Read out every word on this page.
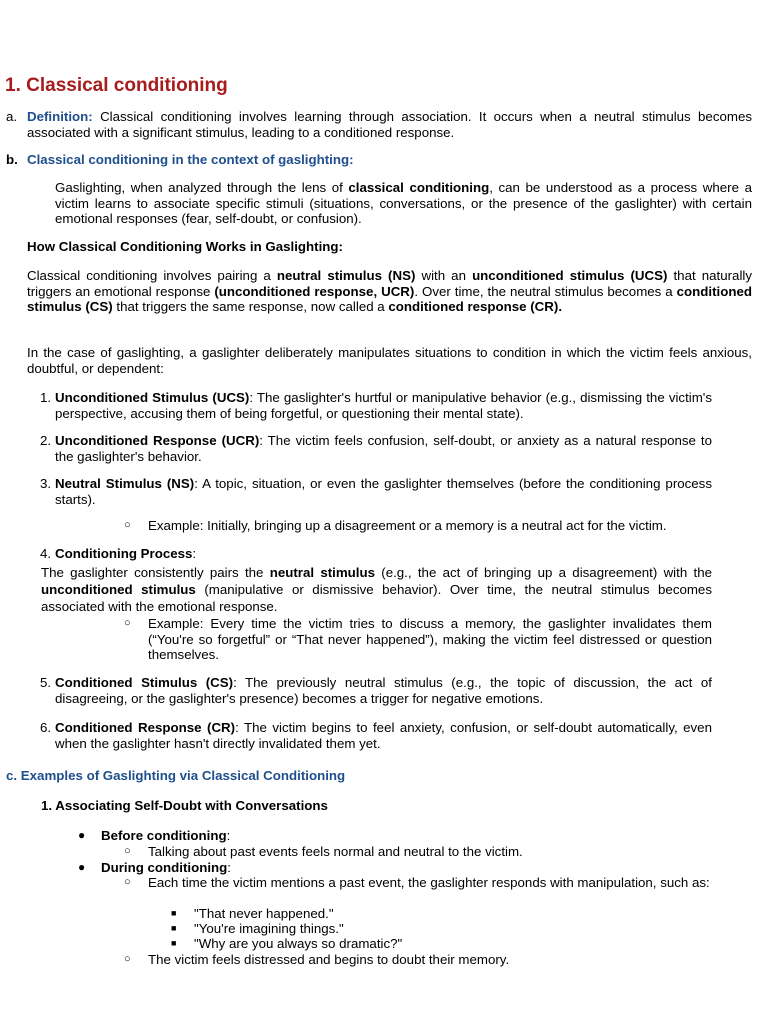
1. Classical conditioning
a. Definition: Classical conditioning involves learning through association. It occurs when a neutral stimulus becomes associated with a significant stimulus, leading to a conditioned response.

b. Classical conditioning in the context of gaslighting:

Gaslighting, when analyzed through the lens of classical conditioning, can be understood as a process where a victim learns to associate specific stimuli (situations, conversations, or the presence of the gaslighter) with certain emotional responses (fear, self-doubt, or confusion).

How Classical Conditioning Works in Gaslighting:

Classical conditioning involves pairing a neutral stimulus (NS) with an unconditioned stimulus (UCS) that naturally triggers an emotional response (unconditioned response, UCR). Over time, the neutral stimulus becomes a conditioned stimulus (CS) that triggers the same response, now called a conditioned response (CR).

In the case of gaslighting, a gaslighter deliberately manipulates situations to condition in which the victim feels anxious, doubtful, or dependent:

1. Unconditioned Stimulus (UCS): The gaslighter's hurtful or manipulative behavior (e.g., dismissing the victim's perspective, accusing them of being forgetful, or questioning their mental state).

2. Unconditioned Response (UCR): The victim feels confusion, self-doubt, or anxiety as a natural response to the gaslighter's behavior.

3. Neutral Stimulus (NS): A topic, situation, or even the gaslighter themselves (before the conditioning process starts).

○ Example: Initially, bringing up a disagreement or a memory is a neutral act for the victim.

4. Conditioning Process:

The gaslighter consistently pairs the neutral stimulus (e.g., the act of bringing up a disagreement) with the unconditioned stimulus (manipulative or dismissive behavior). Over time, the neutral stimulus becomes associated with the emotional response.

○ Example: Every time the victim tries to discuss a memory, the gaslighter invalidates them (“You're so forgetful” or “That never happened”), making the victim feel distressed or question themselves.

5. Conditioned Stimulus (CS): The previously neutral stimulus (e.g., the topic of discussion, the act of disagreeing, or the gaslighter's presence) becomes a trigger for negative emotions.

6. Conditioned Response (CR): The victim begins to feel anxiety, confusion, or self-doubt automatically, even when the gaslighter hasn't directly invalidated them yet.

c. Examples of Gaslighting via Classical Conditioning

1. Associating Self-Doubt with Conversations

● Before conditioning:

○ Talking about past events feels normal and neutral to the victim.

● During conditioning:

○ Each time the victim mentions a past event, the gaslighter responds with manipulation, such as:

■ "That never happened."

■ "You're imagining things."

■ "Why are you always so dramatic?"

○ The victim feels distressed and begins to doubt their memory.
